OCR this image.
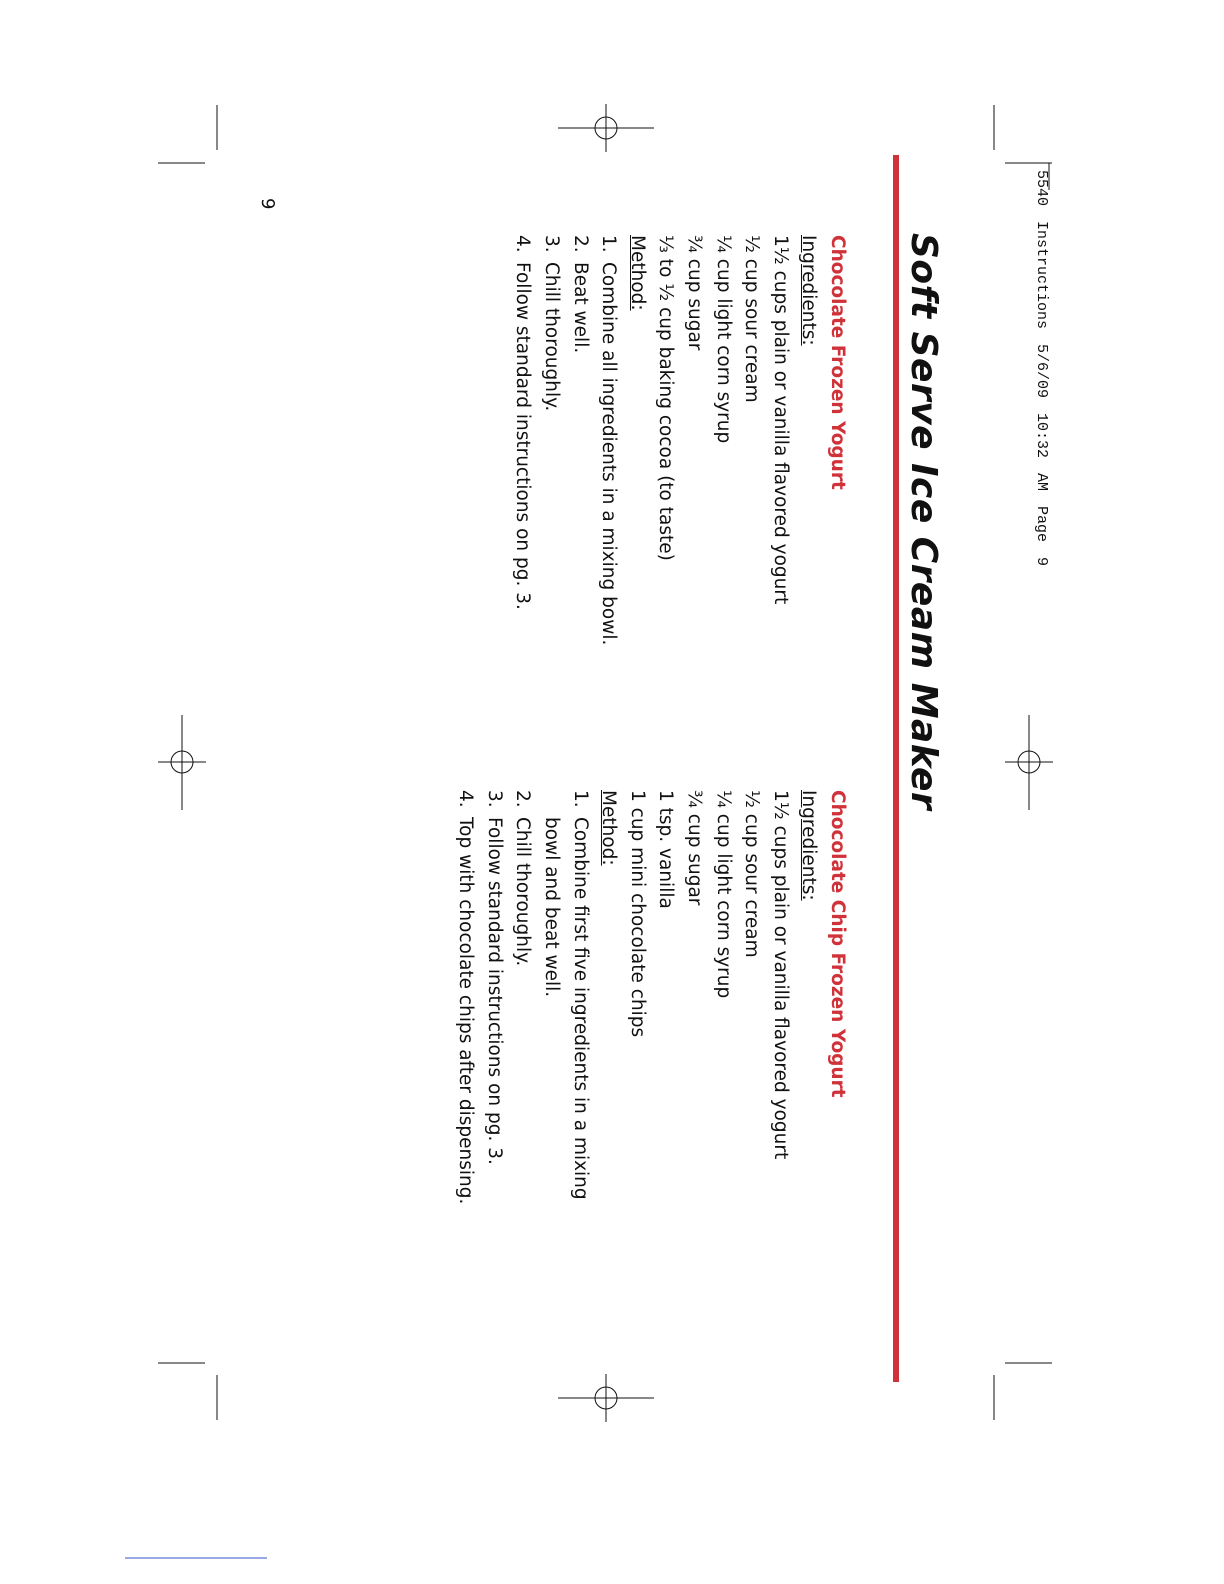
5540 Instructions 5/6/09 10:32 AM Page 9
Soft Serve Ice Cream Maker
Chocolate Frozen Yogurt
Ingredients:
1½ cups plain or vanilla flavored yogurt
½ cup sour cream
¼ cup light corn syrup
¾ cup sugar
⅓ to ½ cup baking cocoa (to taste)
Method:
1.
Combine all ingredients in a mixing bowl.
2.
Beat well.
3.
Chill thoroughly.
4.
Follow standard instructions on pg. 3.
Chocolate Chip Frozen Yogurt
Ingredients:
1½ cups plain or vanilla flavored yogurt
½ cup sour cream
¼ cup light corn syrup
¾ cup sugar
1 tsp. vanilla
1 cup mini chocolate chips
Method:
1.
Combine first five ingredients in a mixing bowl and beat well.
2.
Chill thoroughly.
3.
Follow standard instructions on pg. 3.
4.
Top with chocolate chips after dispensing.
9
